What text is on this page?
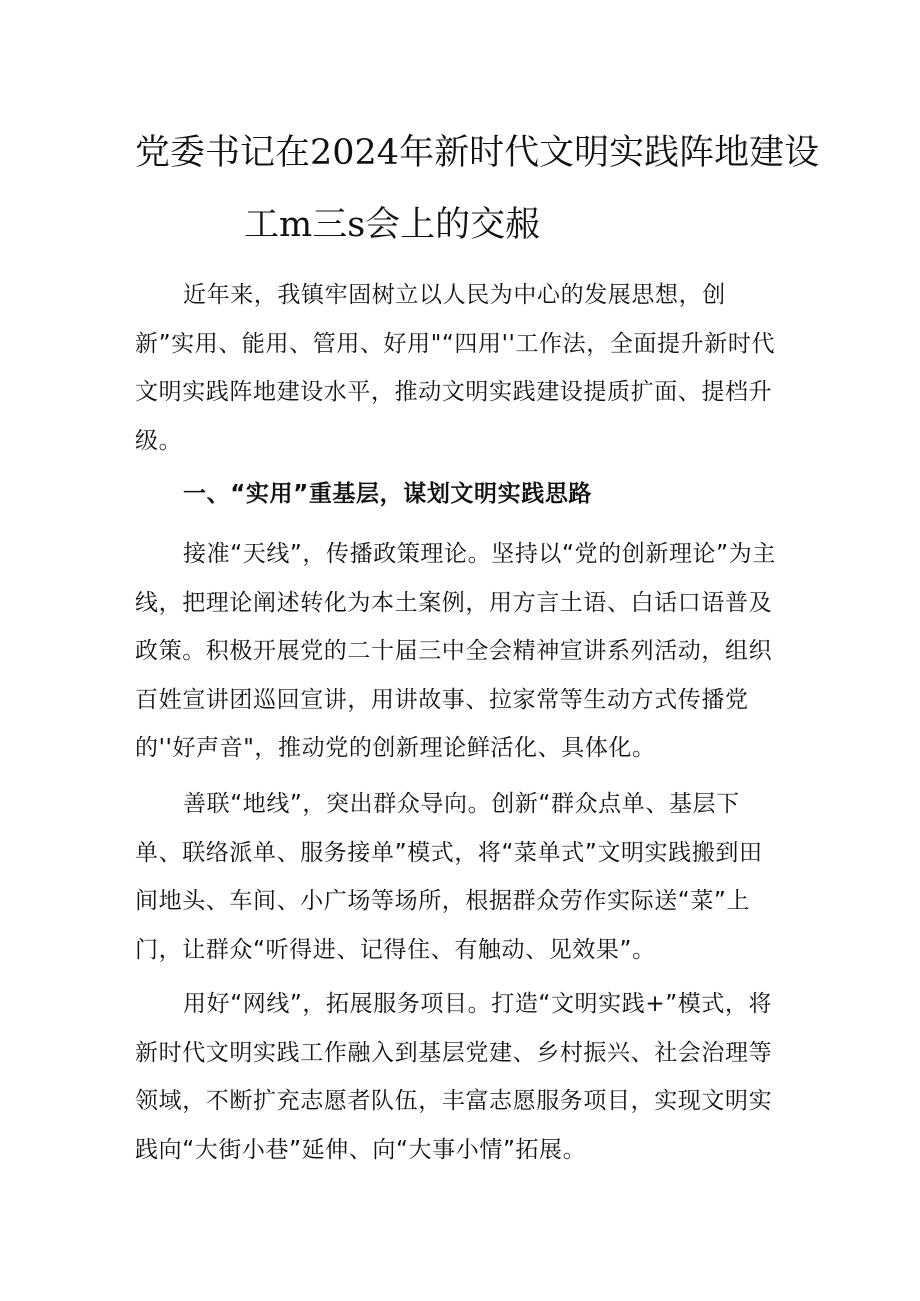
党委书记在2024年新时代文明实践阵地建设
工m三s会上的交赧

近年来，我镇牢固树立以人民为中心的发展思想，创新”实用、能用、管用、好用"“四用''工作法，全面提升新时代文明实践阵地建设水平，推动文明实践建设提质扩面、提档升级。

一、“实用”重基层，谋划文明实践思路

接准“天线”，传播政策理论。坚持以“党的创新理论”为主线，把理论阐述转化为本土案例，用方言土语、白话口语普及政策。积极开展党的二十届三中全会精神宣讲系列活动，组织百姓宣讲团巡回宣讲，用讲故事、拉家常等生动方式传播党的''好声音"，推动党的创新理论鲜活化、具体化。

善联“地线”，突出群众导向。创新“群众点单、基层下单、联络派单、服务接单”模式，将“菜单式”文明实践搬到田间地头、车间、小广场等场所，根据群众劳作实际送“菜”上门，让群众“听得进、记得住、有触动、见效果”。

用好“网线”，拓展服务项目。打造“文明实践+”模式，将新时代文明实践工作融入到基层党建、乡村振兴、社会治理等领域，不断扩充志愿者队伍，丰富志愿服务项目，实现文明实践向“大街小巷”延伸、向“大事小情”拓展。
